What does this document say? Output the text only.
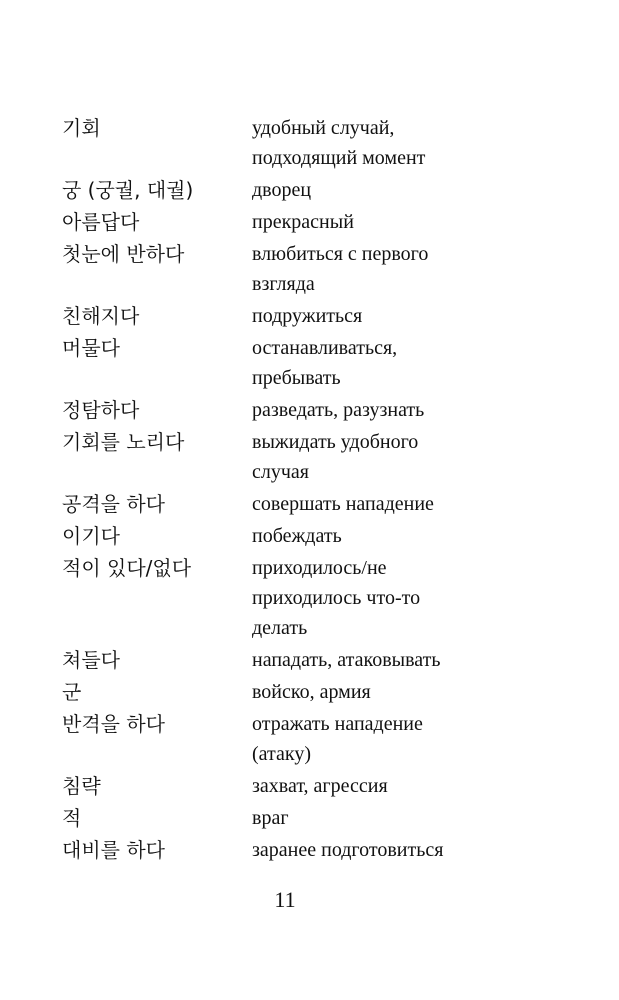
기회	удобный случай,
подходящий момент
궁 (궁궐, 대궐)	дворец
아름답다	прекрасный
첫눈에 반하다	влюбиться с первого
взгляда
친해지다	подружиться
머물다	останавливаться,
пребывать
정탐하다	разведать, разузнать
기회를 노리다	выжидать удобного
случая
공격을 하다	совершать нападение
이기다	побеждать
적이 있다/없다	приходилось/не
приходилось что-то
делать
쳐들다	нападать, атаковывать
군	войско, армия
반격을 하다	отражать нападение
(атаку)
침략	захват, агрессия
적	враг
대비를 하다	заранее подготовиться
11
